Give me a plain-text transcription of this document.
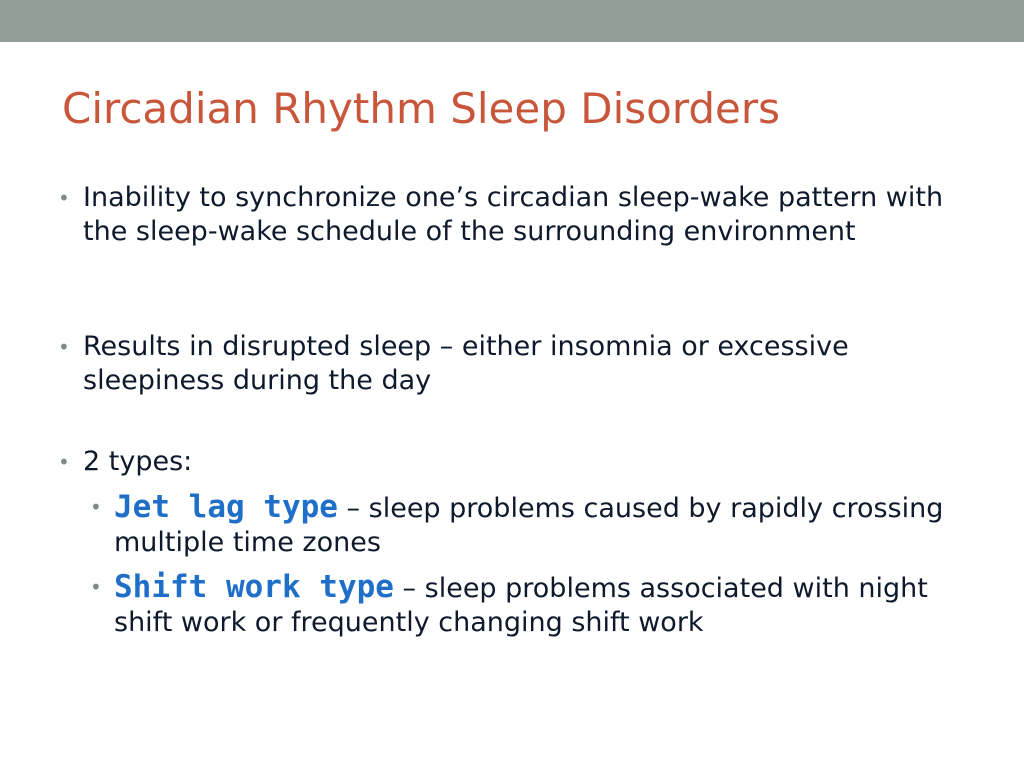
Circadian Rhythm Sleep Disorders
• Inability to synchronize one’s circadian sleep-wake pattern with the sleep-wake schedule of the surrounding environment
• Results in disrupted sleep – either insomnia or excessive sleepiness during the day
• 2 types:
• Jet lag type – sleep problems caused by rapidly crossing multiple time zones
• Shift work type – sleep problems associated with night shift work or frequently changing shift work
